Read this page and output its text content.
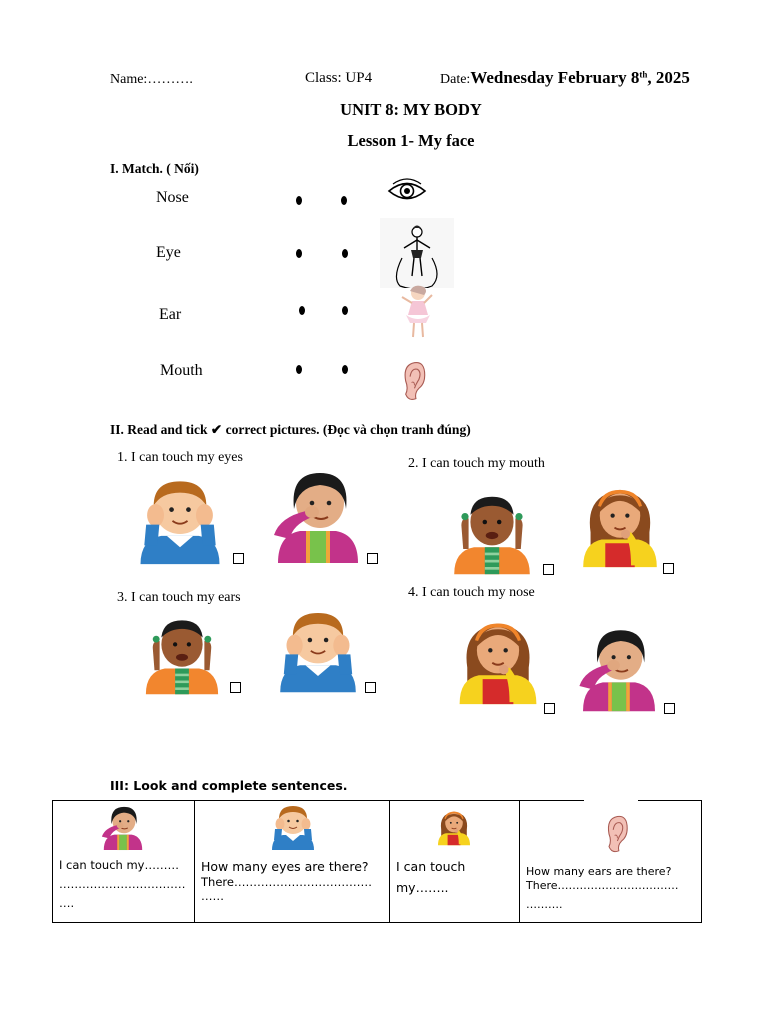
Name:……….	Class: UP4	Date:Wednesday February 8th, 2025
UNIT 8: MY BODY
Lesson 1- My face
I. Match. ( Nối)
Nose
Eye
Ear
Mouth
II. Read and tick ✔ correct pictures. (Đọc và chọn tranh đúng)
1. I can touch my eyes	2. I can touch my mouth
3. I can touch my ears	4. I can touch my nose
III: Look and complete sentences.
I can touch my………
……………………………
….

How many eyes are there?
There………………………………
……

I can touch
my……..

How many ears are there?
There……………………………
……….
